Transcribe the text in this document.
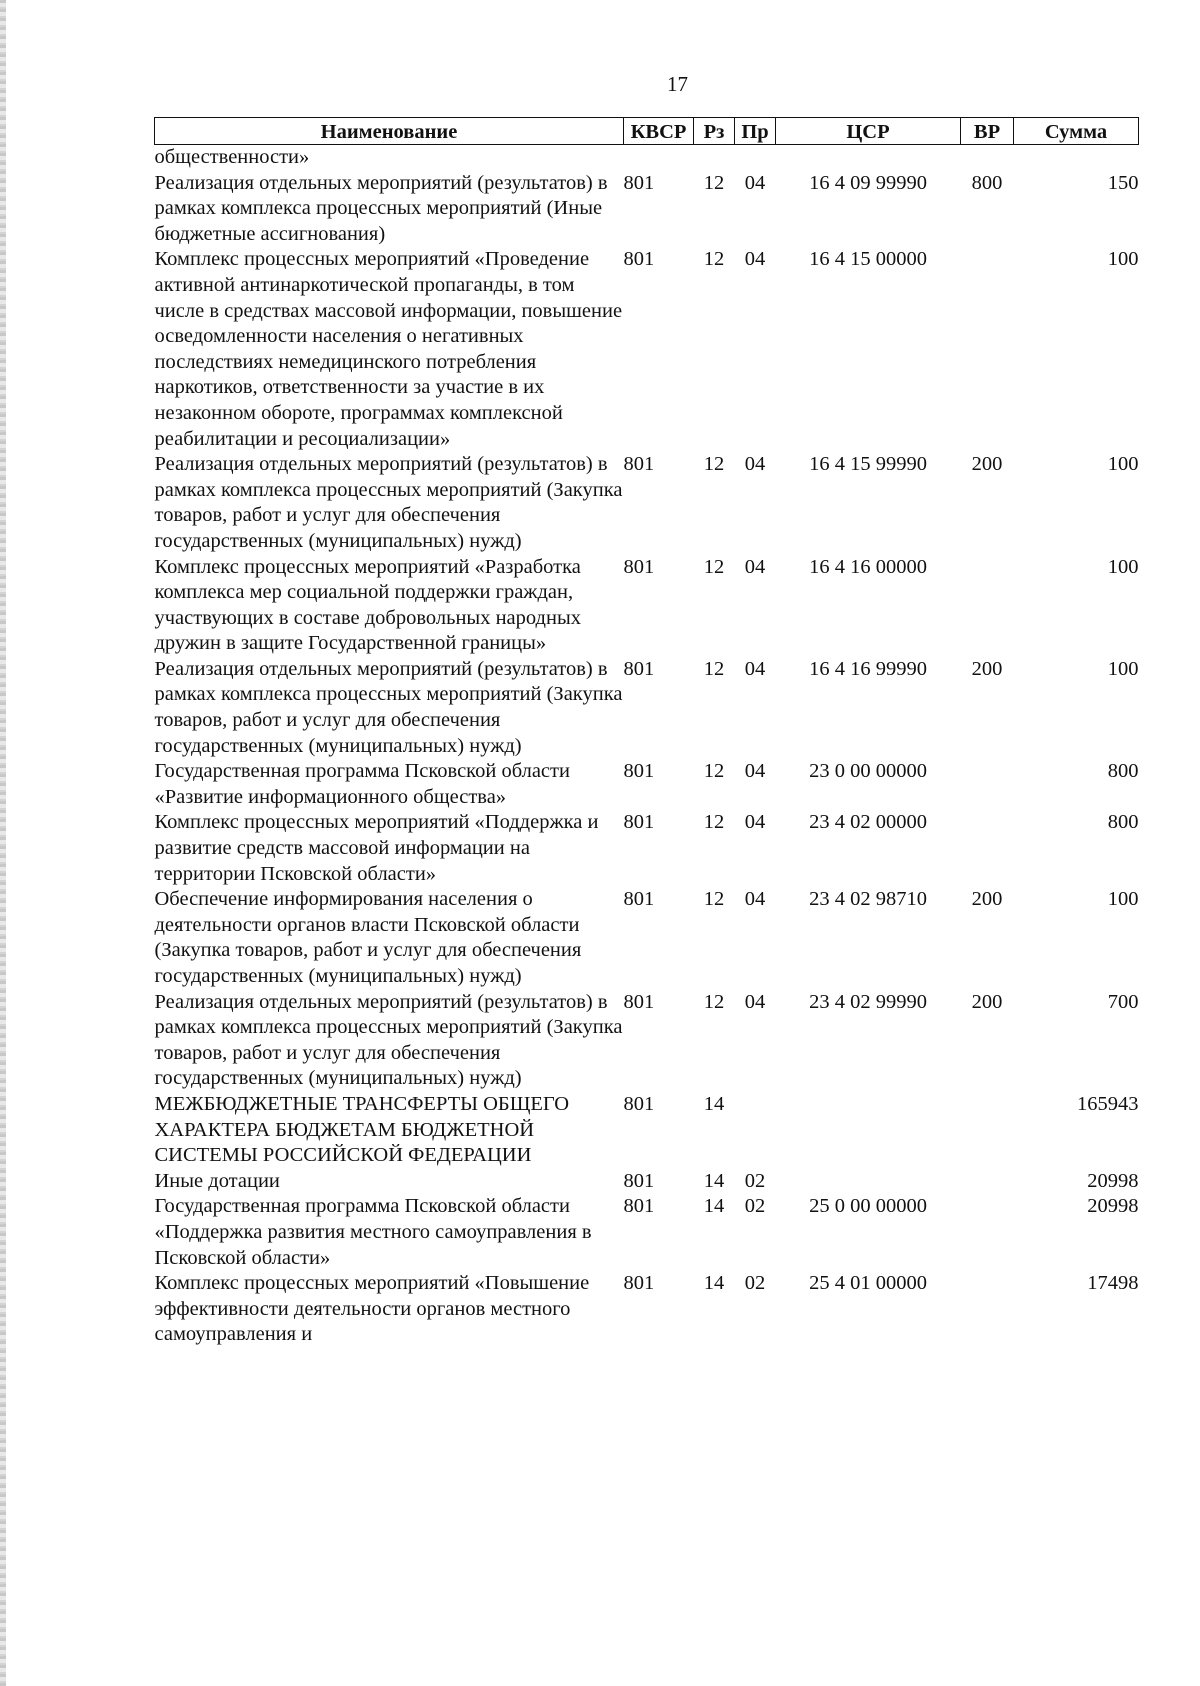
17
Наименование	КВСР	Рз	Пр	ЦСР	ВР	Сумма
общественности»						
Реализация отдельных мероприятий (результатов) в рамках комплекса процессных мероприятий (Иные бюджетные ассигнования)	801	12	04	16 4 09 99990	800	150
Комплекс процессных мероприятий «Проведение активной антинаркотической пропаганды, в том числе в средствах массовой информации, повышение осведомленности населения о негативных последствиях немедицинского потребления наркотиков, ответственности за участие в их незаконном обороте, программах комплексной реабилитации и ресоциализации»	801	12	04	16 4 15 00000		100
Реализация отдельных мероприятий (результатов) в рамках комплекса процессных мероприятий (Закупка товаров, работ и услуг для обеспечения государственных (муниципальных) нужд)	801	12	04	16 4 15 99990	200	100
Комплекс процессных мероприятий «Разработка комплекса мер социальной поддержки граждан, участвующих в составе добровольных народных дружин в защите Государственной границы»	801	12	04	16 4 16 00000		100
Реализация отдельных мероприятий (результатов) в рамках комплекса процессных мероприятий (Закупка товаров, работ и услуг для обеспечения государственных (муниципальных) нужд)	801	12	04	16 4 16 99990	200	100
Государственная программа Псковской области «Развитие информационного общества»	801	12	04	23 0 00 00000		800
Комплекс процессных мероприятий «Поддержка и развитие средств массовой информации на территории Псковской области»	801	12	04	23 4 02 00000		800
Обеспечение информирования населения о деятельности органов власти Псковской области (Закупка товаров, работ и услуг для обеспечения государственных (муниципальных) нужд)	801	12	04	23 4 02 98710	200	100
Реализация отдельных мероприятий (результатов) в рамках комплекса процессных мероприятий (Закупка товаров, работ и услуг для обеспечения государственных (муниципальных) нужд)	801	12	04	23 4 02 99990	200	700
МЕЖБЮДЖЕТНЫЕ ТРАНСФЕРТЫ ОБЩЕГО ХАРАКТЕРА БЮДЖЕТАМ БЮДЖЕТНОЙ СИСТЕМЫ РОССИЙСКОЙ ФЕДЕРАЦИИ	801	14				165943
Иные дотации	801	14	02			20998
Государственная программа Псковской области «Поддержка развития местного самоуправления в Псковской области»	801	14	02	25 0 00 00000		20998
Комплекс процессных мероприятий «Повышение эффективности деятельности органов местного самоуправления и	801	14	02	25 4 01 00000		17498
